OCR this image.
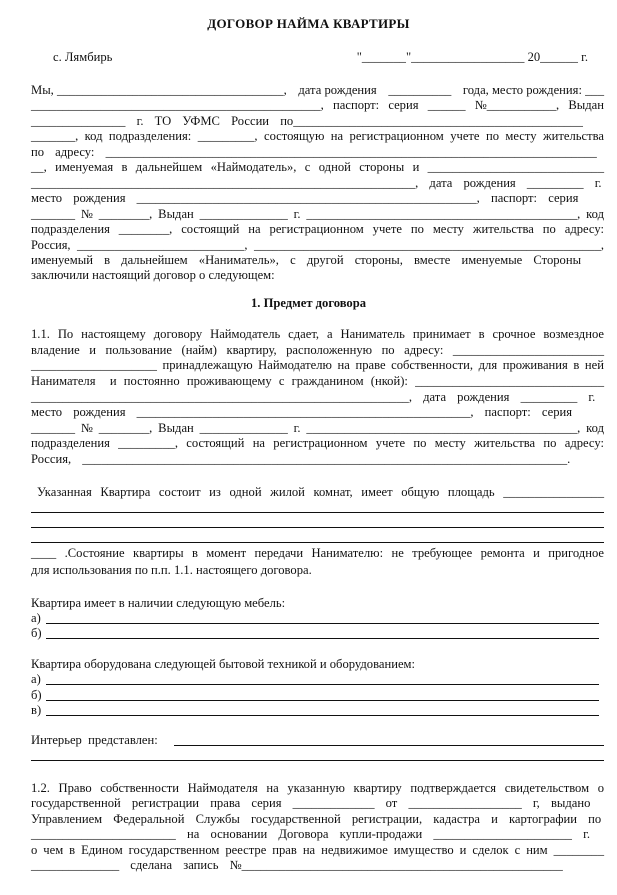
ДОГОВОР НАЙМА КВАРТИРЫ
с. Лямбирь	"_______"__________________ 20______ г.
Мы, ____________________________________, дата рождения __________ года, место рождения: ___
______________________________________________, паспорт: серия ______ №___________, Выдан
_______________ г. ТО УФМС России по______________________________________________
_______, код подразделения: _________, состоящую на регистрационном учете по месту жительства
по адресу: ______________________________________________________________________________
__, именуемая в дальнейшем «Наймодатель», с одной стороны и ____________________________
_____________________________________________________________, дата рождения _________ г.
место рождения ______________________________________________________, паспорт: серия
_______ № ________, Выдан ______________ г. ___________________________________________, код
подразделения ________, состоящий на регистрационном учете по месту жительства по адресу:
Россия, ___________________________, ________________________________________________________,
именуемый в дальнейшем «Наниматель», с другой стороны, вместе именуемые Стороны
заключили настоящий договор о следующем:
1. Предмет договора
1.1. По настоящему договору Наймодатель сдает, а Наниматель принимает в срочное возмездное
владение и пользование (найм) квартиру, расположенную по адресу: ________________________
____________________ принадлежащую Наймодателю на праве собственности, для проживания в ней
Нанимателя  и постоянно проживающему с гражданином (нкой): ______________________________
____________________________________________________________, дата рождения _________ г.
место рождения _____________________________________________________, паспорт: серия
_______ № ________, Выдан ______________ г. ___________________________________________, код
подразделения _________, состоящий на регистрационном учете по месту жительства по адресу:
Россия, _____________________________________________________________________________.
Указанная Квартира состоит из одной жилой комнат, имеет общую площадь ________________
____ .Состояние квартиры в момент передачи Нанимателю: не требующее ремонта и пригодное
для использования по п.п. 1.1. настоящего договора.
Квартира имеет в наличии следующую мебель:
а)
б)
Квартира оборудована следующей бытовой техникой и оборудованием:
а)
б)
в)
Интерьер  представлен:
1.2. Право собственности Наймодателя на указанную квартиру подтверждается свидетельством о
государственной регистрации права серия _____________ от __________________ г, выдано
Управлением Федеральной Службы государственной регистрации, кадастра и картографии по
_______________________ на основании Договора купли-продажи ______________________ г.
о чем в Едином государственном реестре прав на недвижимое имущество и сделок с ним ________
______________ сделана запись №___________________________________________________
